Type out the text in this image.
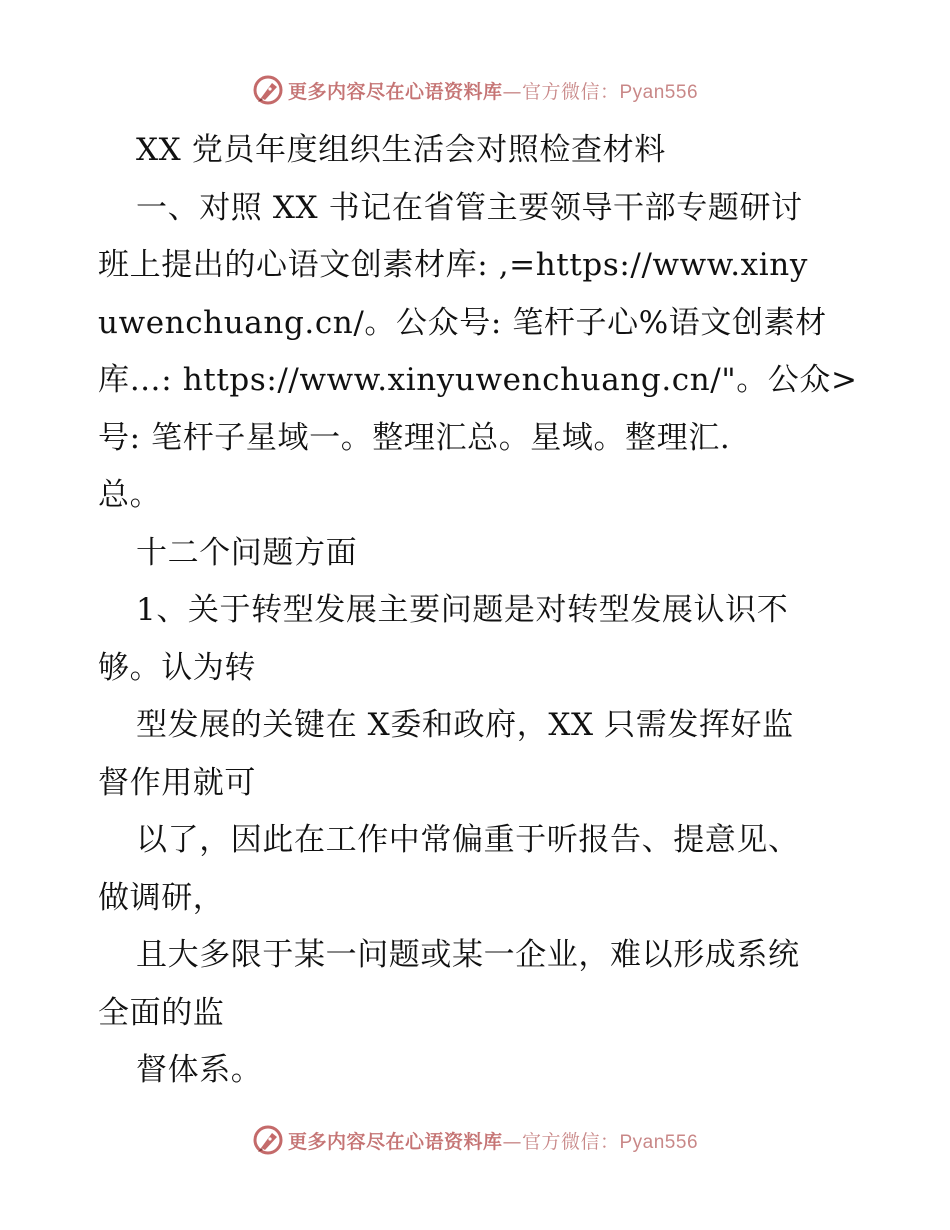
更多内容尽在心语资料库—官方微信：Pyan556
XX 党员年度组织生活会对照检查材料
一、对照 XX 书记在省管主要领导干部专题研讨
班上提出的心语文创素材库: ,=https://www.xiny
uwenchuang.cn/。公众号: 笔杆子心%语文创素材
库…: https://www.xinyuwenchuang.cn/"。公众>
号: 笔杆子星域一。整理汇总。星域。整理汇.
总。
十二个问题方面
1、关于转型发展主要问题是对转型发展认识不
够。认为转
型发展的关键在 X委和政府，XX 只需发挥好监
督作用就可
以了，因此在工作中常偏重于听报告、提意见、
做调研，
且大多限于某一问题或某一企业，难以形成系统
全面的监
督体系。
更多内容尽在心语资料库—官方微信：Pyan556
